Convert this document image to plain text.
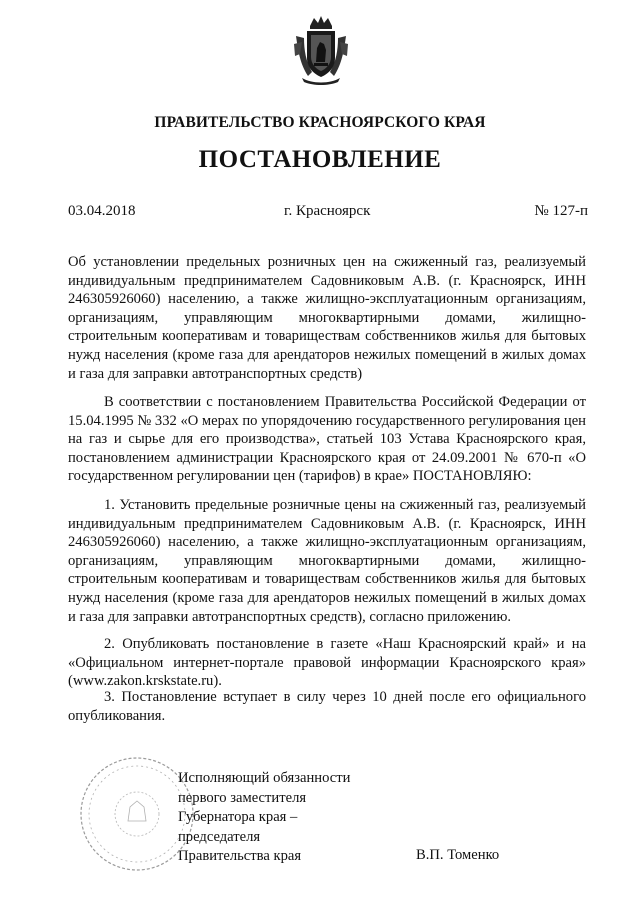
ПРАВИТЕЛЬСТВО КРАСНОЯРСКОГО КРАЯ
ПОСТАНОВЛЕНИЕ
03.04.2018	г. Красноярск	№ 127-п
Об установлении предельных розничных цен на сжиженный газ, реализуемый индивидуальным предпринимателем Садовниковым А.В. (г. Красноярск, ИНН 246305926060) населению, а также жилищно-эксплуатационным организациям, организациям, управляющим многоквартирными домами, жилищно-строительным кооперативам и товариществам собственников жилья для бытовых нужд населения (кроме газа для арендаторов нежилых помещений в жилых домах и газа для заправки автотранспортных средств)
В соответствии с постановлением Правительства Российской Федерации от 15.04.1995 № 332 «О мерах по упорядочению государственного регулирования цен на газ и сырье для его производства», статьей 103 Устава Красноярского края, постановлением администрации Красноярского края от 24.09.2001 № 670-п «О государственном регулировании цен (тарифов) в крае» ПОСТАНОВЛЯЮ:
1. Установить предельные розничные цены на сжиженный газ, реализуемый индивидуальным предпринимателем Садовниковым А.В. (г. Красноярск, ИНН 246305926060) населению, а также жилищно-эксплуатационным организациям, организациям, управляющим многоквартирными домами, жилищно-строительным кооперативам и товариществам собственников жилья для бытовых нужд населения (кроме газа для арендаторов нежилых помещений в жилых домах и газа для заправки автотранспортных средств), согласно приложению.
2. Опубликовать постановление в газете «Наш Красноярский край» и на «Официальном интернет-портале правовой информации Красноярского края» (www.zakon.krskstate.ru).
3. Постановление вступает в силу через 10 дней после его официального опубликования.
Исполняющий обязанности
первого заместителя
Губернатора края –
председателя
Правительства края	В.П. Томенко
